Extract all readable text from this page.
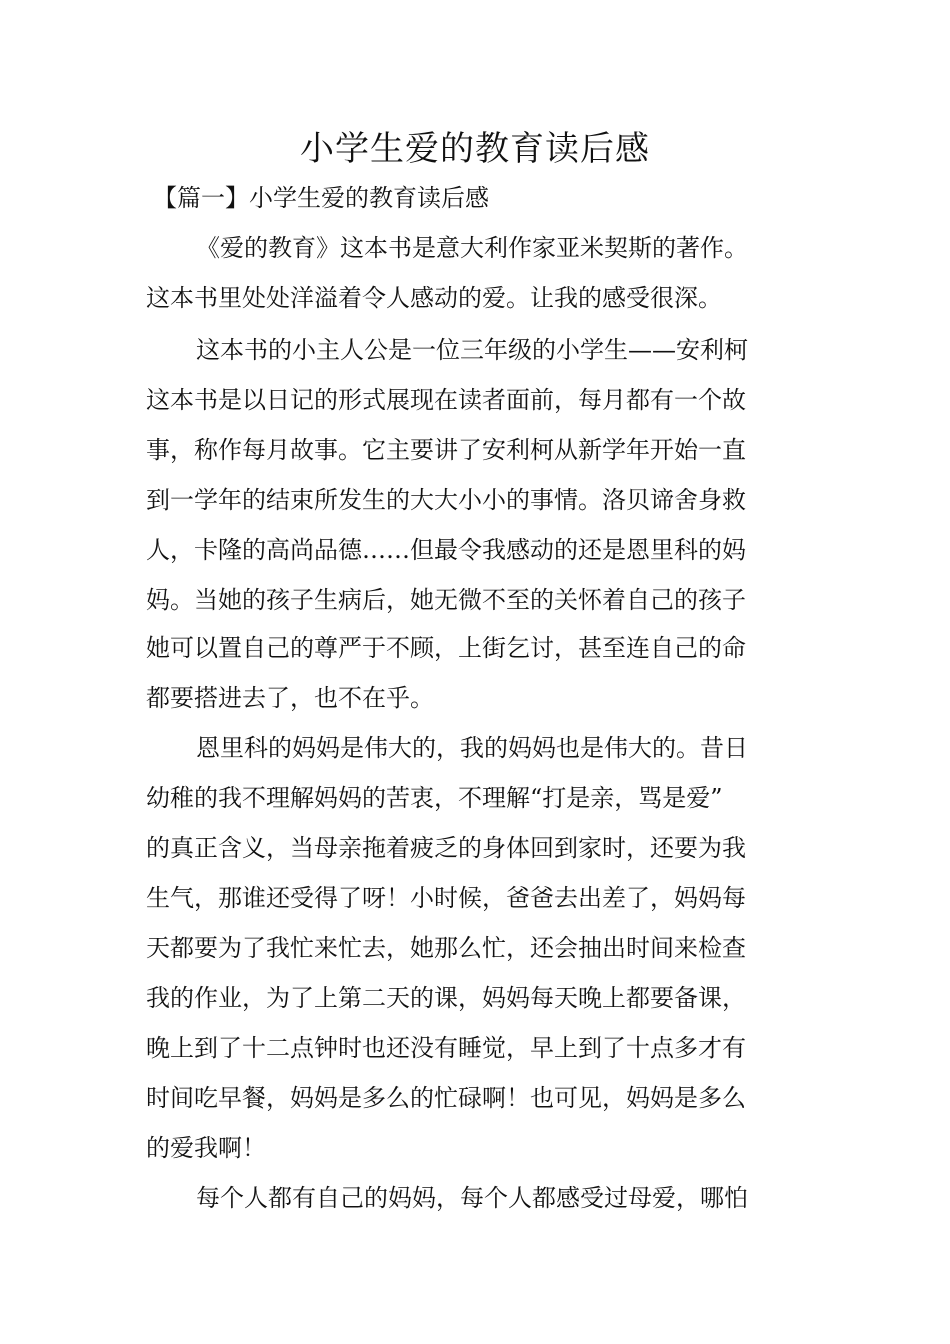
小学生爱的教育读后感

【篇一】小学生爱的教育读后感

《爱的教育》这本书是意大利作家亚米契斯的著作。

这本书里处处洋溢着令人感动的爱。让我的感受很深。

这本书的小主人公是一位三年级的小学生——安利柯

这本书是以日记的形式展现在读者面前，每月都有一个故

事，称作每月故事。它主要讲了安利柯从新学年开始一直

到一学年的结束所发生的大大小小的事情。洛贝谛舍身救

人，卡隆的高尚品德……但最令我感动的还是恩里科的妈

妈。当她的孩子生病后，她无微不至的关怀着自己的孩子

她可以置自己的尊严于不顾，上街乞讨，甚至连自己的命

都要搭进去了，也不在乎。

恩里科的妈妈是伟大的，我的妈妈也是伟大的。昔日

幼稚的我不理解妈妈的苦衷，不理解“打是亲，骂是爱”

的真正含义，当母亲拖着疲乏的身体回到家时，还要为我

生气，那谁还受得了呀！小时候，爸爸去出差了，妈妈每

天都要为了我忙来忙去，她那么忙，还会抽出时间来检查

我的作业，为了上第二天的课，妈妈每天晚上都要备课，

晚上到了十二点钟时也还没有睡觉，早上到了十点多才有

时间吃早餐，妈妈是多么的忙碌啊！也可见，妈妈是多么

的爱我啊！

每个人都有自己的妈妈，每个人都感受过母爱，哪怕
